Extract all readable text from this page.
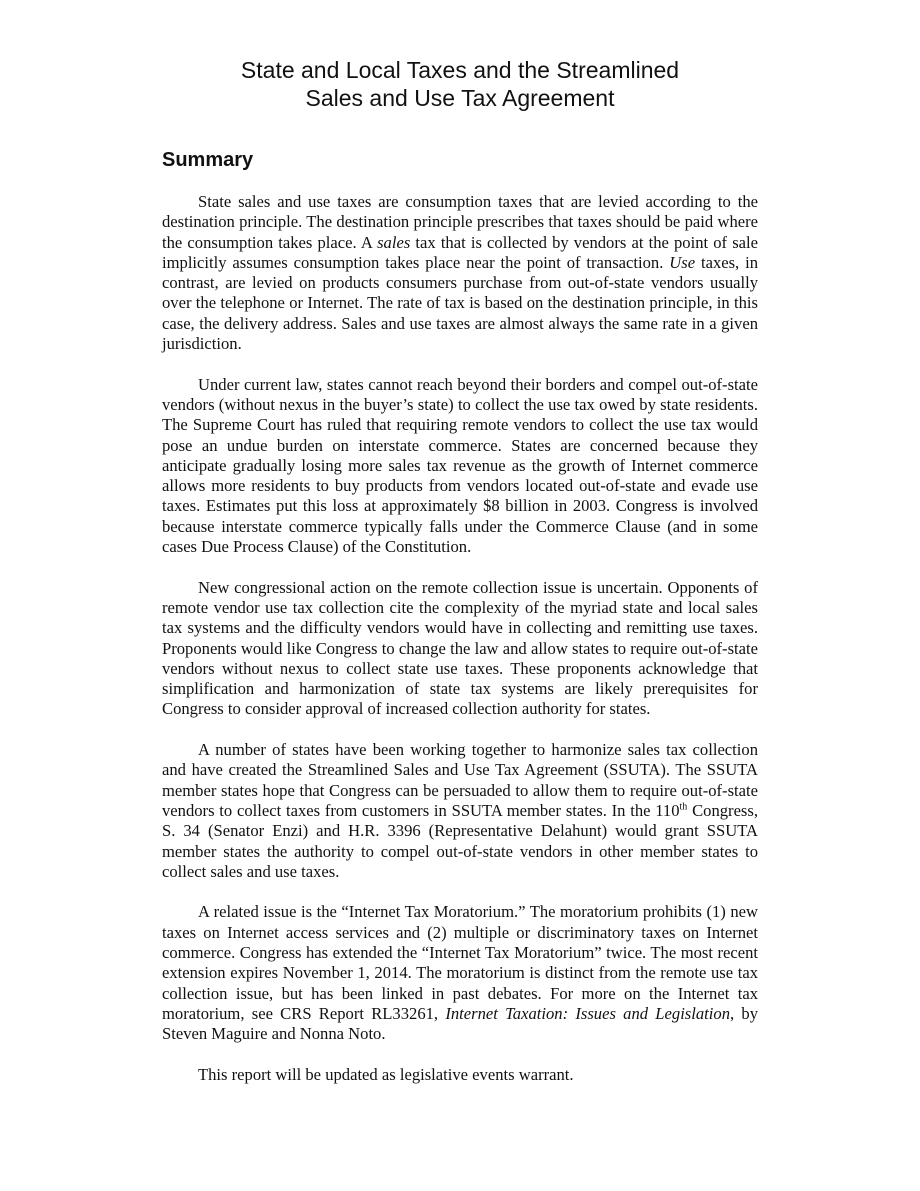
State and Local Taxes and the Streamlined
Sales and Use Tax Agreement
Summary

State sales and use taxes are consumption taxes that are levied according to the destination principle. The destination principle prescribes that taxes should be paid where the consumption takes place. A sales tax that is collected by vendors at the point of sale implicitly assumes consumption takes place near the point of transaction. Use taxes, in contrast, are levied on products consumers purchase from out-of-state vendors usually over the telephone or Internet. The rate of tax is based on the destination principle, in this case, the delivery address. Sales and use taxes are almost always the same rate in a given jurisdiction.

Under current law, states cannot reach beyond their borders and compel out-of-state vendors (without nexus in the buyer’s state) to collect the use tax owed by state residents. The Supreme Court has ruled that requiring remote vendors to collect the use tax would pose an undue burden on interstate commerce. States are concerned because they anticipate gradually losing more sales tax revenue as the growth of Internet commerce allows more residents to buy products from vendors located out-of-state and evade use taxes. Estimates put this loss at approximately $8 billion in 2003. Congress is involved because interstate commerce typically falls under the Commerce Clause (and in some cases Due Process Clause) of the Constitution.

New congressional action on the remote collection issue is uncertain. Opponents of remote vendor use tax collection cite the complexity of the myriad state and local sales tax systems and the difficulty vendors would have in collecting and remitting use taxes. Proponents would like Congress to change the law and allow states to require out-of-state vendors without nexus to collect state use taxes. These proponents acknowledge that simplification and harmonization of state tax systems are likely prerequisites for Congress to consider approval of increased collection authority for states.

A number of states have been working together to harmonize sales tax collection and have created the Streamlined Sales and Use Tax Agreement (SSUTA). The SSUTA member states hope that Congress can be persuaded to allow them to require out-of-state vendors to collect taxes from customers in SSUTA member states. In the 110th Congress, S. 34 (Senator Enzi) and H.R. 3396 (Representative Delahunt) would grant SSUTA member states the authority to compel out-of-state vendors in other member states to collect sales and use taxes.

A related issue is the “Internet Tax Moratorium.” The moratorium prohibits (1) new taxes on Internet access services and (2) multiple or discriminatory taxes on Internet commerce. Congress has extended the “Internet Tax Moratorium” twice. The most recent extension expires November 1, 2014. The moratorium is distinct from the remote use tax collection issue, but has been linked in past debates. For more on the Internet tax moratorium, see CRS Report RL33261, Internet Taxation: Issues and Legislation, by Steven Maguire and Nonna Noto.

This report will be updated as legislative events warrant.
